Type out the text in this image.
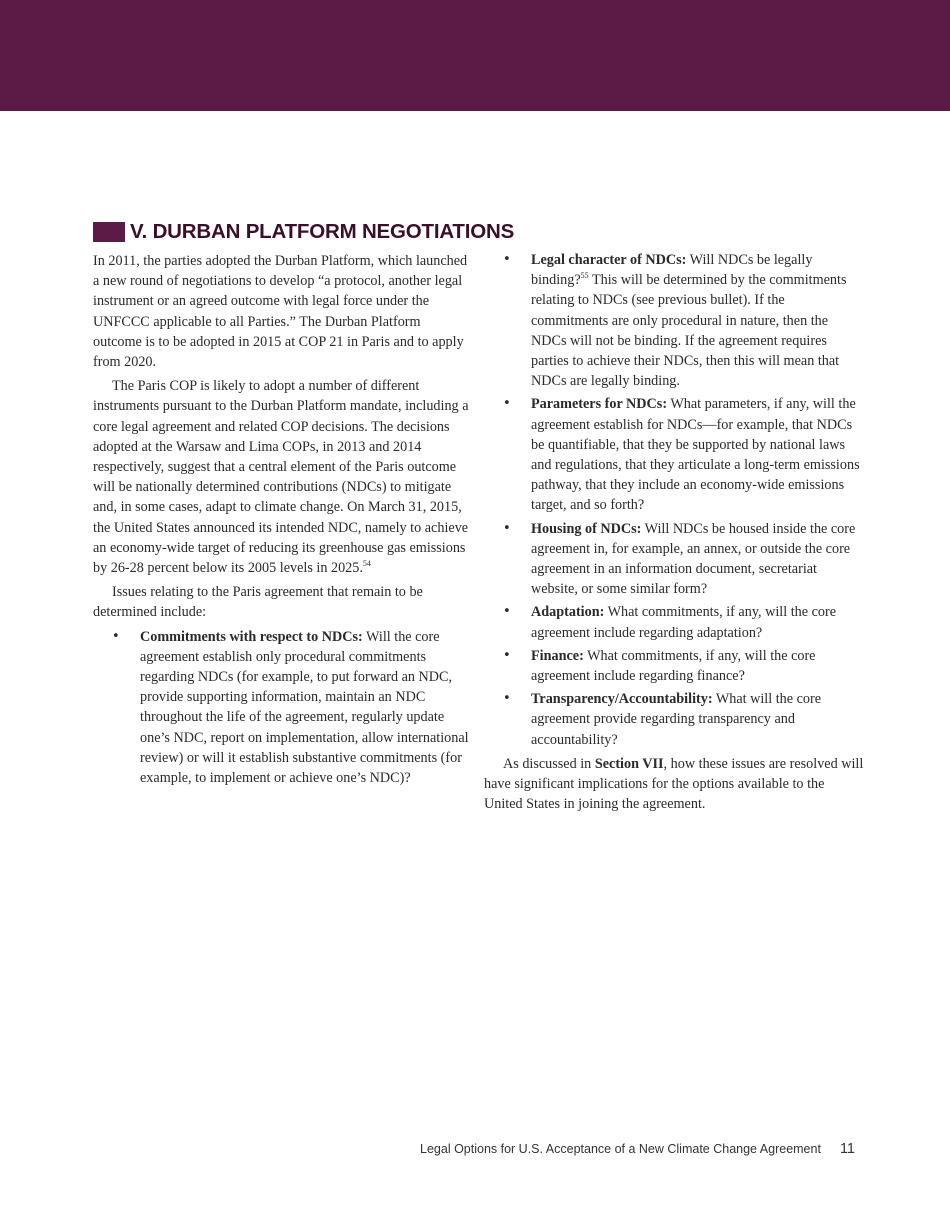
V. DURBAN PLATFORM NEGOTIATIONS

In 2011, the parties adopted the Durban Platform, which launched a new round of negotiations to develop “a protocol, another legal instrument or an agreed outcome with legal force under the UNFCCC applicable to all Parties.” The Durban Platform outcome is to be adopted in 2015 at COP 21 in Paris and to apply from 2020.

The Paris COP is likely to adopt a number of different instruments pursuant to the Durban Platform mandate, including a core legal agreement and related COP decisions. The decisions adopted at the Warsaw and Lima COPs, in 2013 and 2014 respectively, suggest that a central element of the Paris outcome will be nationally determined contributions (NDCs) to mitigate and, in some cases, adapt to climate change. On March 31, 2015, the United States announced its intended NDC, namely to achieve an economy-wide target of reducing its greenhouse gas emissions by 26-28 percent below its 2005 levels in 2025.54

Issues relating to the Paris agreement that remain to be determined include:

• Commitments with respect to NDCs: Will the core agreement establish only procedural commitments regarding NDCs (for example, to put forward an NDC, provide supporting information, maintain an NDC throughout the life of the agreement, regularly update one’s NDC, report on implementation, allow international review) or will it establish substantive commitments (for example, to implement or achieve one’s NDC)?
• Legal character of NDCs: Will NDCs be legally binding?$^{55}$ This will be determined by the commitments relating to NDCs (see previous bullet). If the commitments are only procedural in nature, then the NDCs will not be binding. If the agreement requires parties to achieve their NDCs, then this will mean that NDCs are legally binding.
• Parameters for NDCs: What parameters, if any, will the agreement establish for NDCs—for example, that NDCs be quantifiable, that they be supported by national laws and regulations, that they articulate a long-term emissions pathway, that they include an economy-wide emissions target, and so forth?
• Housing of NDCs: Will NDCs be housed inside the core agreement in, for example, an annex, or outside the core agreement in an information document, secretariat website, or some similar form?
• Adaptation: What commitments, if any, will the core agreement include regarding adaptation?
• Finance: What commitments, if any, will the core agreement include regarding finance?
• Transparency/Accountability: What will the core agreement provide regarding transparency and accountability?

As discussed in Section VII, how these issues are resolved will have significant implications for the options available to the United States in joining the agreement.

Legal Options for U.S. Acceptance of a New Climate Change Agreement 11
